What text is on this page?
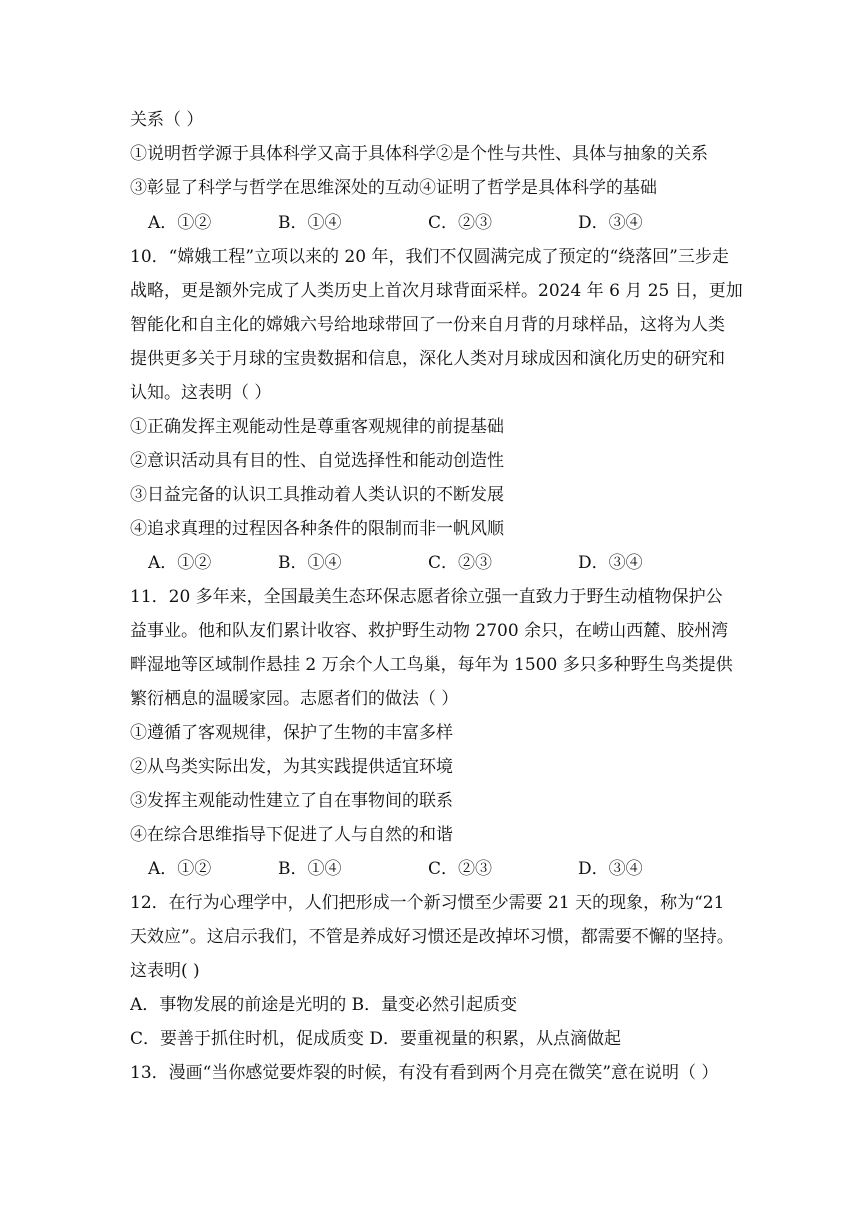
关系（ ）
①说明哲学源于具体科学又高于具体科学②是个性与共性、具体与抽象的关系
③彰显了科学与哲学在思维深处的互动④证明了哲学是具体科学的基础
A．①②	B．①④	C．②③	D．③④
10．“嫦娥工程”立项以来的 20 年，我们不仅圆满完成了预定的“绕落回”三步走
战略，更是额外完成了人类历史上首次月球背面采样。2024 年 6 月 25 日，更加
智能化和自主化的嫦娥六号给地球带回了一份来自月背的月球样品，这将为人类
提供更多关于月球的宝贵数据和信息，深化人类对月球成因和演化历史的研究和
认知。这表明（ ）
①正确发挥主观能动性是尊重客观规律的前提基础
②意识活动具有目的性、自觉选择性和能动创造性
③日益完备的认识工具推动着人类认识的不断发展
④追求真理的过程因各种条件的限制而非一帆风顺
A．①②	B．①④	C．②③	D．③④
11．20 多年来，全国最美生态环保志愿者徐立强一直致力于野生动植物保护公
益事业。他和队友们累计收容、救护野生动物 2700 余只，在崂山西麓、胶州湾
畔湿地等区域制作悬挂 2 万余个人工鸟巢，每年为 1500 多只多种野生鸟类提供
繁衍栖息的温暖家园。志愿者们的做法（ ）
①遵循了客观规律，保护了生物的丰富多样
②从鸟类实际出发，为其实践提供适宜环境
③发挥主观能动性建立了自在事物间的联系
④在综合思维指导下促进了人与自然的和谐
A．①②	B．①④	C．②③	D．③④
12．在行为心理学中，人们把形成一个新习惯至少需要 21 天的现象，称为“21
天效应”。这启示我们，不管是养成好习惯还是改掉坏习惯，都需要不懈的坚持。
这表明( )
A．事物发展的前途是光明的 B．量变必然引起质变
C．要善于抓住时机，促成质变 D．要重视量的积累，从点滴做起
13．漫画“当你感觉要炸裂的时候，有没有看到两个月亮在微笑”意在说明（ ）
